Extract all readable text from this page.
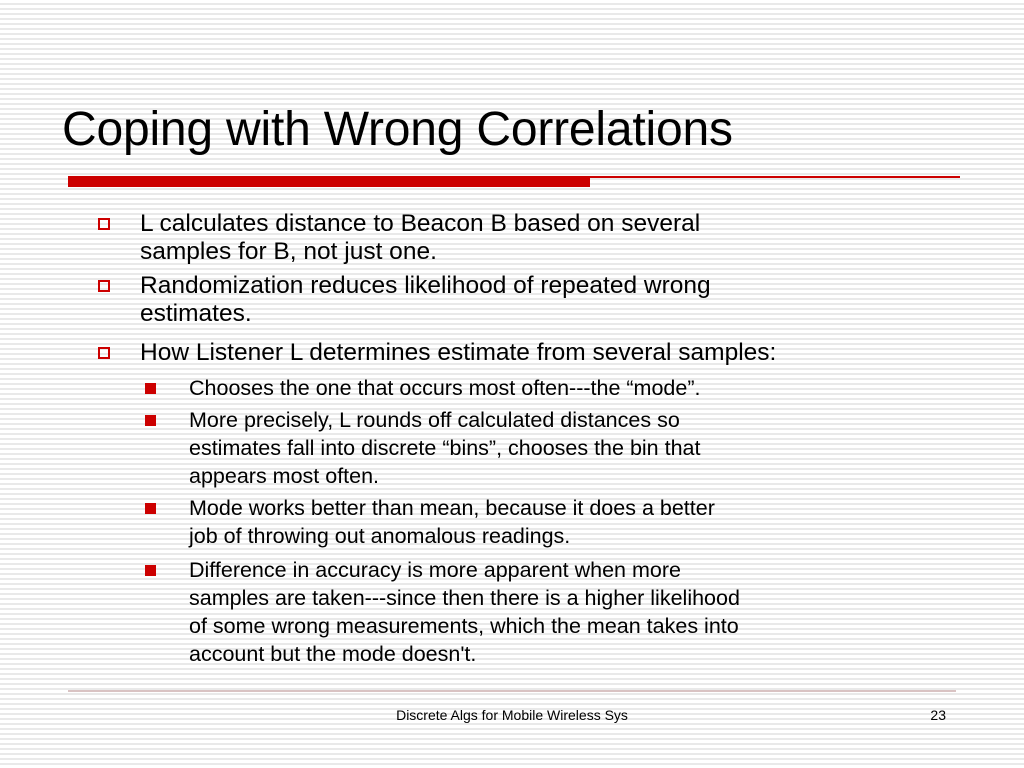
Coping with Wrong Correlations
L calculates distance to Beacon B based on several
samples for B, not just one.
Randomization reduces likelihood of repeated wrong
estimates.
How Listener L determines estimate from several samples:
Chooses the one that occurs most often---the “mode”.
More precisely, L rounds off calculated distances so
estimates fall into discrete “bins”, chooses the bin that
appears most often.
Mode works better than mean, because it does a better
job of throwing out anomalous readings.
Difference in accuracy is more apparent when more
samples are taken---since then there is a higher likelihood
of some wrong measurements, which the mean takes into
account but the mode doesn't.
Discrete Algs for Mobile Wireless Sys	23
